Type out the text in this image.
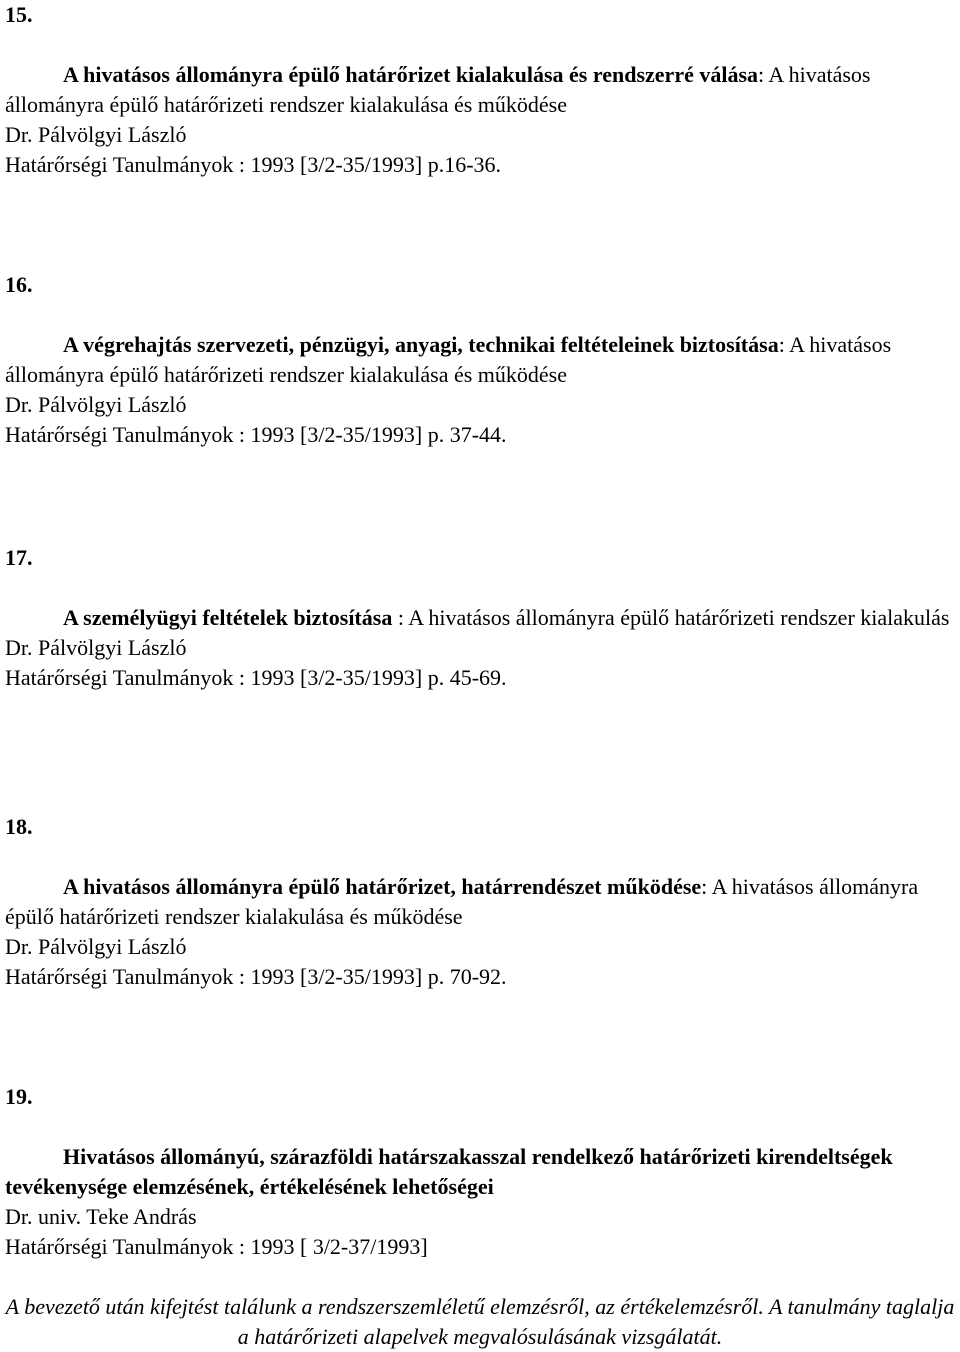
15.
A hivatásos állományra épülő határőrizet kialakulása és rendszerré válása: A hivatásos állományra épülő határőrizeti rendszer kialakulása és működése
Dr. Pálvölgyi László
Határőrségi Tanulmányok : 1993 [3/2-35/1993] p.16-36.
16.
A végrehajtás szervezeti, pénzügyi, anyagi, technikai feltételeinek biztosítása: A hivatásos állományra épülő határőrizeti rendszer kialakulása és működése
Dr. Pálvölgyi László
Határőrségi Tanulmányok : 1993 [3/2-35/1993] p. 37-44.
17.
A személyügyi feltételek biztosítása : A hivatásos állományra épülő határőrizeti rendszer kialakulás
Dr. Pálvölgyi László
Határőrségi Tanulmányok : 1993 [3/2-35/1993] p. 45-69.
18.
A hivatásos állományra épülő határőrizet, határrendészet működése: A hivatásos állományra épülő határőrizeti rendszer kialakulása és működése
Dr. Pálvölgyi László
Határőrségi Tanulmányok : 1993 [3/2-35/1993] p. 70-92.
19.
Hivatásos állományú, szárazföldi határszakasszal rendelkező határőrizeti kirendeltségek tevékenysége elemzésének, értékelésének lehetőségei
Dr. univ. Teke András
Határőrségi Tanulmányok : 1993 [ 3/2-37/1993]
A bevezető után kifejtést találunk a rendszerszemléletű elemzésről, az értékelemzésről. A tanulmány taglalja a határőrizeti alapelvek megvalósulásának vizsgálatát.
